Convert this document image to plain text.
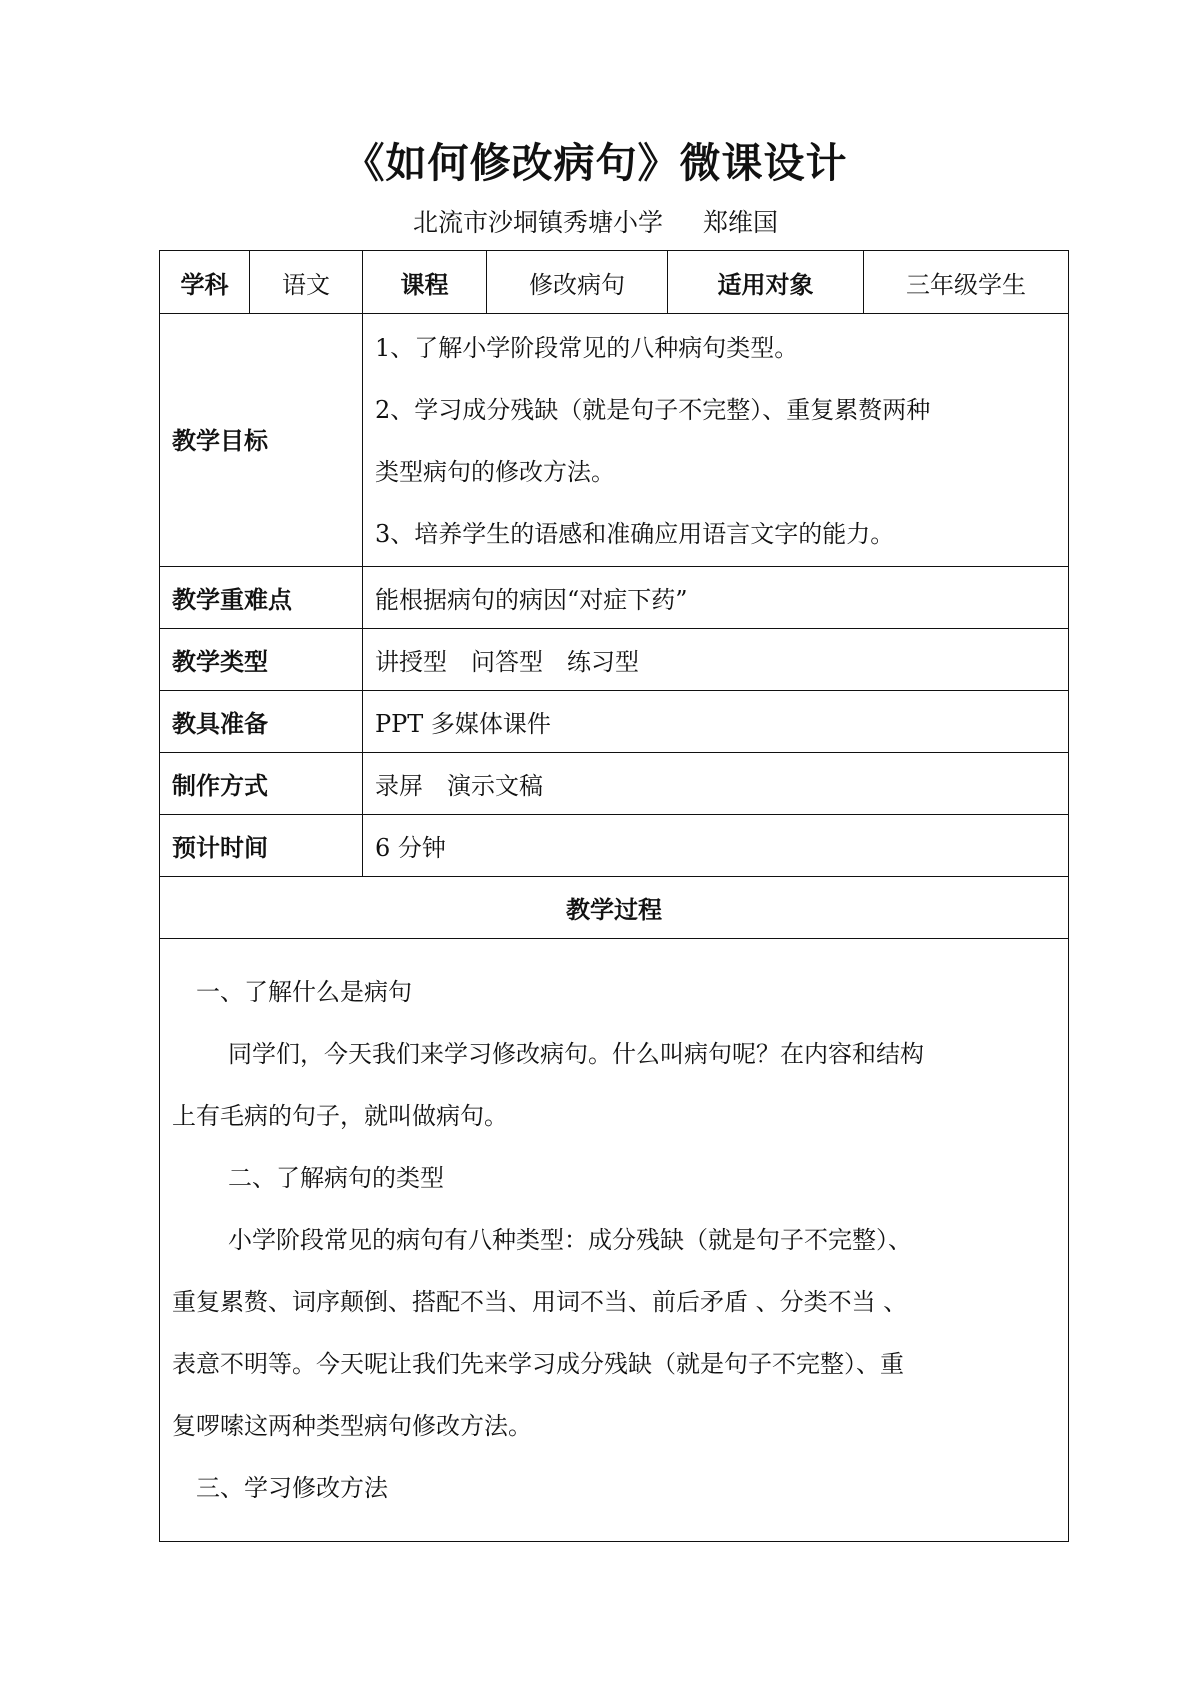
《如何修改病句》微课设计
北流市沙垌镇秀塘小学 郑维国
学科	语文	课程	修改病句	适用对象	三年级学生

教学目标		1、了解小学阶段常见的八种病句类型。
2、学习成分残缺（就是句子不完整）、重复累赘两种
类型病句的修改方法。
3、培养学生的语感和准确应用语言文字的能力。			

教学重难点		能根据病句的病因“对症下药”			
教学类型		讲授型　问答型　练习型			
教具准备		PPT 多媒体课件			
制作方式		录屏　演示文稿			
预计时间		6 分钟			
教学过程					

一、了解什么是病句

同学们，今天我们来学习修改病句。什么叫病句呢？在内容和结构

上有毛病的句子，就叫做病句。

二、了解病句的类型

小学阶段常见的病句有八种类型：成分残缺（就是句子不完整）、

重复累赘、词序颠倒、搭配不当、用词不当、前后矛盾 、分类不当 、

表意不明等。今天呢让我们先来学习成分残缺（就是句子不完整）、重

复啰嗦这两种类型病句修改方法。

三、学习修改方法
